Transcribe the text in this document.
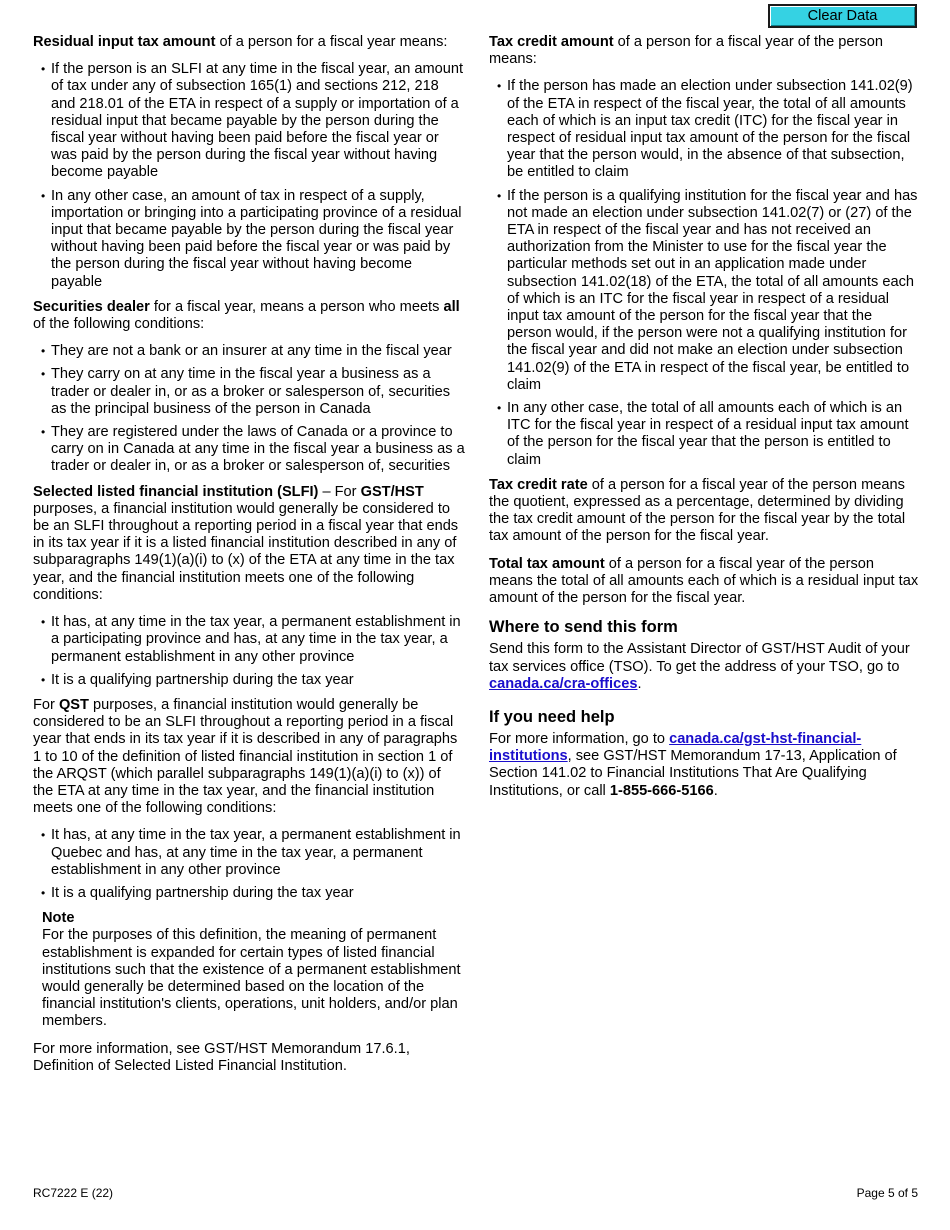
Clear Data

Residual input tax amount of a person for a fiscal year means:

• If the person is an SLFI at any time in the fiscal year, an amount of tax under any of subsection 165(1) and sections 212, 218 and 218.01 of the ETA in respect of a supply or importation of a residual input that became payable by the person during the fiscal year without having been paid before the fiscal year or was paid by the person during the fiscal year without having become payable
• In any other case, an amount of tax in respect of a supply, importation or bringing into a participating province of a residual input that became payable by the person during the fiscal year without having been paid before the fiscal year or was paid by the person during the fiscal year without having become payable

Securities dealer for a fiscal year, means a person who meets all of the following conditions:

• They are not a bank or an insurer at any time in the fiscal year
• They carry on at any time in the fiscal year a business as a trader or dealer in, or as a broker or salesperson of, securities as the principal business of the person in Canada
• They are registered under the laws of Canada or a province to carry on in Canada at any time in the fiscal year a business as a trader or dealer in, or as a broker or salesperson of, securities

Selected listed financial institution (SLFI) – For GST/HST purposes, a financial institution would generally be considered to be an SLFI throughout a reporting period in a fiscal year that ends in its tax year if it is a listed financial institution described in any of subparagraphs 149(1)(a)(i) to (x) of the ETA at any time in the tax year, and the financial institution meets one of the following conditions:

• It has, at any time in the tax year, a permanent establishment in a participating province and has, at any time in the tax year, a permanent establishment in any other province
• It is a qualifying partnership during the tax year

For QST purposes, a financial institution would generally be considered to be an SLFI throughout a reporting period in a fiscal year that ends in its tax year if it is described in any of paragraphs 1 to 10 of the definition of listed financial institution in section 1 of the ARQST (which parallel subparagraphs 149(1)(a)(i) to (x)) of the ETA at any time in the tax year, and the financial institution meets one of the following conditions:

• It has, at any time in the tax year, a permanent establishment in Quebec and has, at any time in the tax year, a permanent establishment in any other province
• It is a qualifying partnership during the tax year

Note

For the purposes of this definition, the meaning of permanent establishment is expanded for certain types of listed financial institutions such that the existence of a permanent establishment would generally be determined based on the location of the financial institution's clients, operations, unit holders, and/or plan members.

For more information, see GST/HST Memorandum 17.6.1, Definition of Selected Listed Financial Institution.

Tax credit amount of a person for a fiscal year of the person means:

• If the person has made an election under subsection 141.02(9) of the ETA in respect of the fiscal year, the total of all amounts each of which is an input tax credit (ITC) for the fiscal year in respect of residual input tax amount of the person for the fiscal year that the person would, in the absence of that subsection, be entitled to claim
• If the person is a qualifying institution for the fiscal year and has not made an election under subsection 141.02(7) or (27) of the ETA in respect of the fiscal year and has not received an authorization from the Minister to use for the fiscal year the particular methods set out in an application made under subsection 141.02(18) of the ETA, the total of all amounts each of which is an ITC for the fiscal year in respect of a residual input tax amount of the person for the fiscal year that the person would, if the person were not a qualifying institution for the fiscal year and did not make an election under subsection 141.02(9) of the ETA in respect of the fiscal year, be entitled to claim
• In any other case, the total of all amounts each of which is an ITC for the fiscal year in respect of a residual input tax amount of the person for the fiscal year that the person is entitled to claim

Tax credit rate of a person for a fiscal year of the person means the quotient, expressed as a percentage, determined by dividing the tax credit amount of the person for the fiscal year by the total tax amount of the person for the fiscal year.

Total tax amount of a person for a fiscal year of the person means the total of all amounts each of which is a residual input tax amount of the person for the fiscal year.

Where to send this form

Send this form to the Assistant Director of GST/HST Audit of your tax services office (TSO). To get the address of your TSO, go to canada.ca/cra-offices.

If you need help

For more information, go to canada.ca/gst-hst-financial-institutions, see GST/HST Memorandum 17-13, Application of Section 141.02 to Financial Institutions That Are Qualifying Institutions, or call 1-855-666-5166.

RC7222 E (22)	Page 5 of 5
